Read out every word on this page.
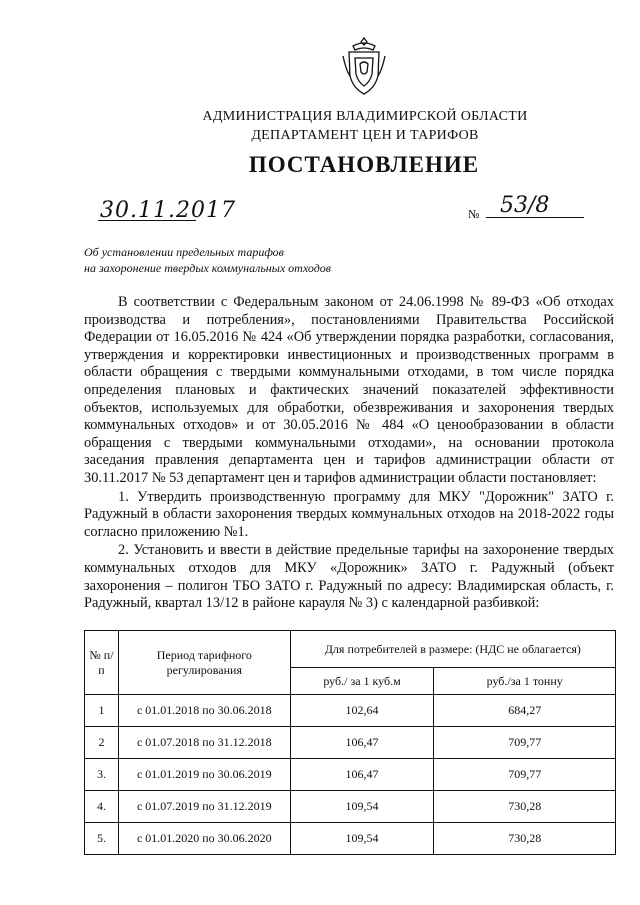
АДМИНИСТРАЦИЯ ВЛАДИМИРСКОЙ ОБЛАСТИ
ДЕПАРТАМЕНТ ЦЕН И ТАРИФОВ
ПОСТАНОВЛЕНИЕ
30.11.2017	№ 53/8
Об установлении предельных тарифов
на захоронение твердых коммунальных отходов

В соответствии с Федеральным законом от 24.06.1998 № 89-ФЗ «Об отходах производства и потребления», постановлениями Правительства Российской Федерации от 16.05.2016 № 424 «Об утверждении порядка разработки, согласования, утверждения и корректировки инвестиционных и производственных программ в области обращения с твердыми коммунальными отходами, в том числе порядка определения плановых и фактических значений показателей эффективности объектов, используемых для обработки, обезвреживания и захоронения твердых коммунальных отходов» и от 30.05.2016 № 484 «О ценообразовании в области обращения с твердыми коммунальными отходами», на основании протокола заседания правления департамента цен и тарифов администрации области от 30.11.2017 № 53 департамент цен и тарифов администрации области постановляет:

1. Утвердить производственную программу для МКУ "Дорожник" ЗАТО г. Радужный в области захоронения твердых коммунальных отходов на 2018-2022 годы согласно приложению №1.

2. Установить и ввести в действие предельные тарифы на захоронение твердых коммунальных отходов для МКУ «Дорожник» ЗАТО г. Радужный (объект захоронения – полигон ТБО ЗАТО г. Радужный по адресу: Владимирская область, г. Радужный, квартал 13/12 в районе карауля № 3) с календарной разбивкой:

№ п/п	Период тарифного регулирования	Для потребителей в размере: (НДС не облагается)	
		руб./ за 1 куб.м	руб./за 1 тонну
1	с 01.01.2018 по 30.06.2018	102,64	684,27
2	с 01.07.2018 по 31.12.2018	106,47	709,77
3.	с 01.01.2019 по 30.06.2019	106,47	709,77
4.	с 01.07.2019 по 31.12.2019	109,54	730,28
5.	с 01.01.2020 по 30.06.2020	109,54	730,28
